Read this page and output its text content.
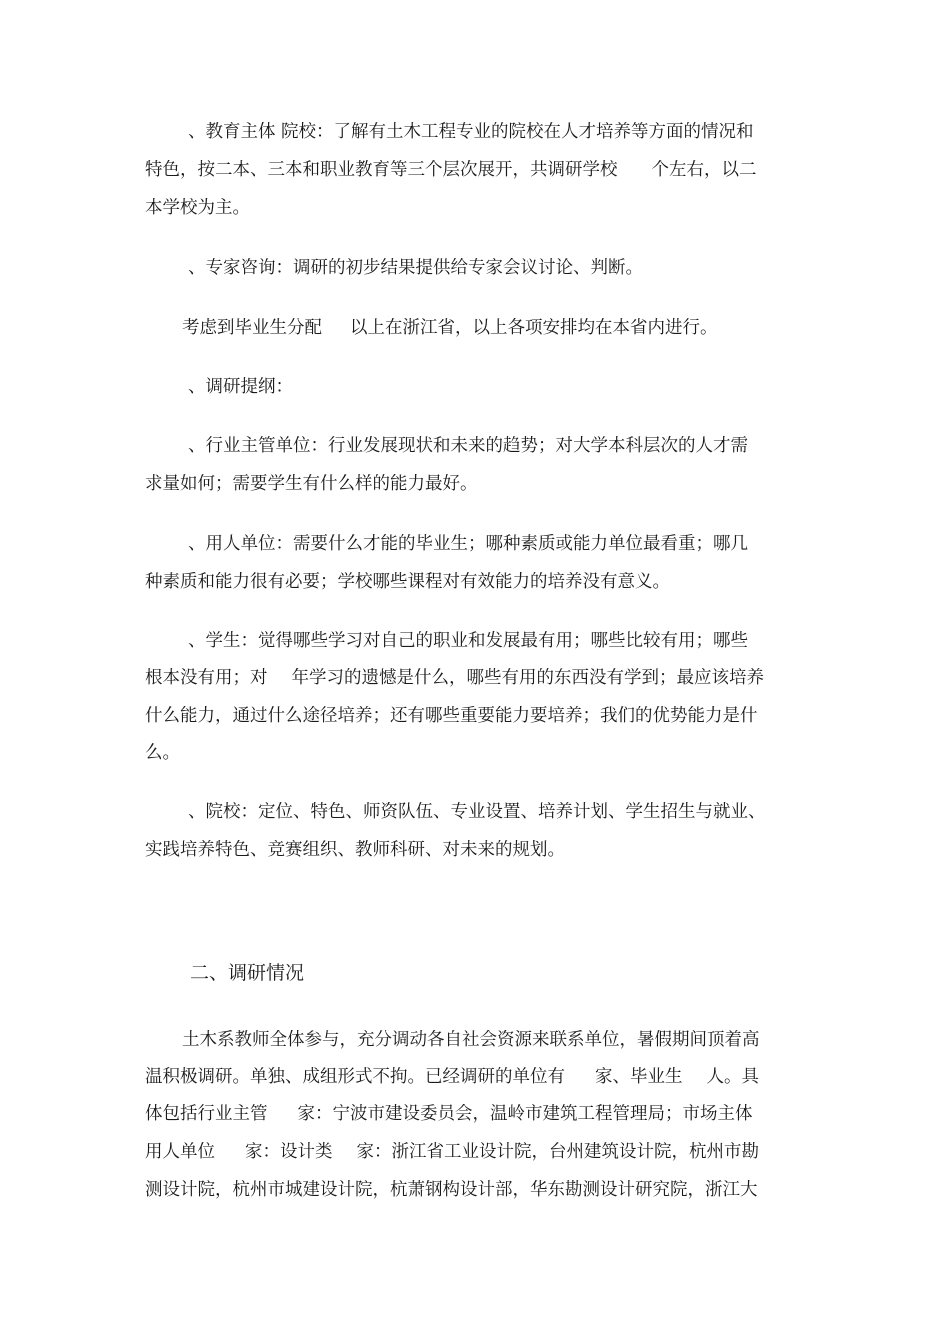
、教育主体 院校：了解有土木工程专业的院校在人才培养等方面的情况和
特色，按二本、三本和职业教育等三个层次展开，共调研学校 个左右，以二
本学校为主。
、专家咨询：调研的初步结果提供给专家会议讨论、判断。
考虑到毕业生分配 以上在浙江省，以上各项安排均在本省内进行。
、调研提纲：
、行业主管单位：行业发展现状和未来的趋势；对大学本科层次的人才需
求量如何；需要学生有什么样的能力最好。
、用人单位：需要什么才能的毕业生；哪种素质或能力单位最看重；哪几
种素质和能力很有必要；学校哪些课程对有效能力的培养没有意义。
、学生：觉得哪些学习对自己的职业和发展最有用；哪些比较有用；哪些
根本没有用；对 年学习的遗憾是什么，哪些有用的东西没有学到；最应该培养
什么能力，通过什么途径培养；还有哪些重要能力要培养；我们的优势能力是什
么。
、院校：定位、特色、师资队伍、专业设置、培养计划、学生招生与就业、
实践培养特色、竞赛组织、教师科研、对未来的规划。
二、调研情况
土木系教师全体参与，充分调动各自社会资源来联系单位，暑假期间顶着高
温积极调研。单独、成组形式不拘。已经调研的单位有 家、毕业生 人。具
体包括行业主管 家：宁波市建设委员会，温岭市建筑工程管理局；市场主体
用人单位 家：设计类 家：浙江省工业设计院，台州建筑设计院，杭州市勘
测设计院，杭州市城建设计院，杭萧钢构设计部，华东勘测设计研究院，浙江大
